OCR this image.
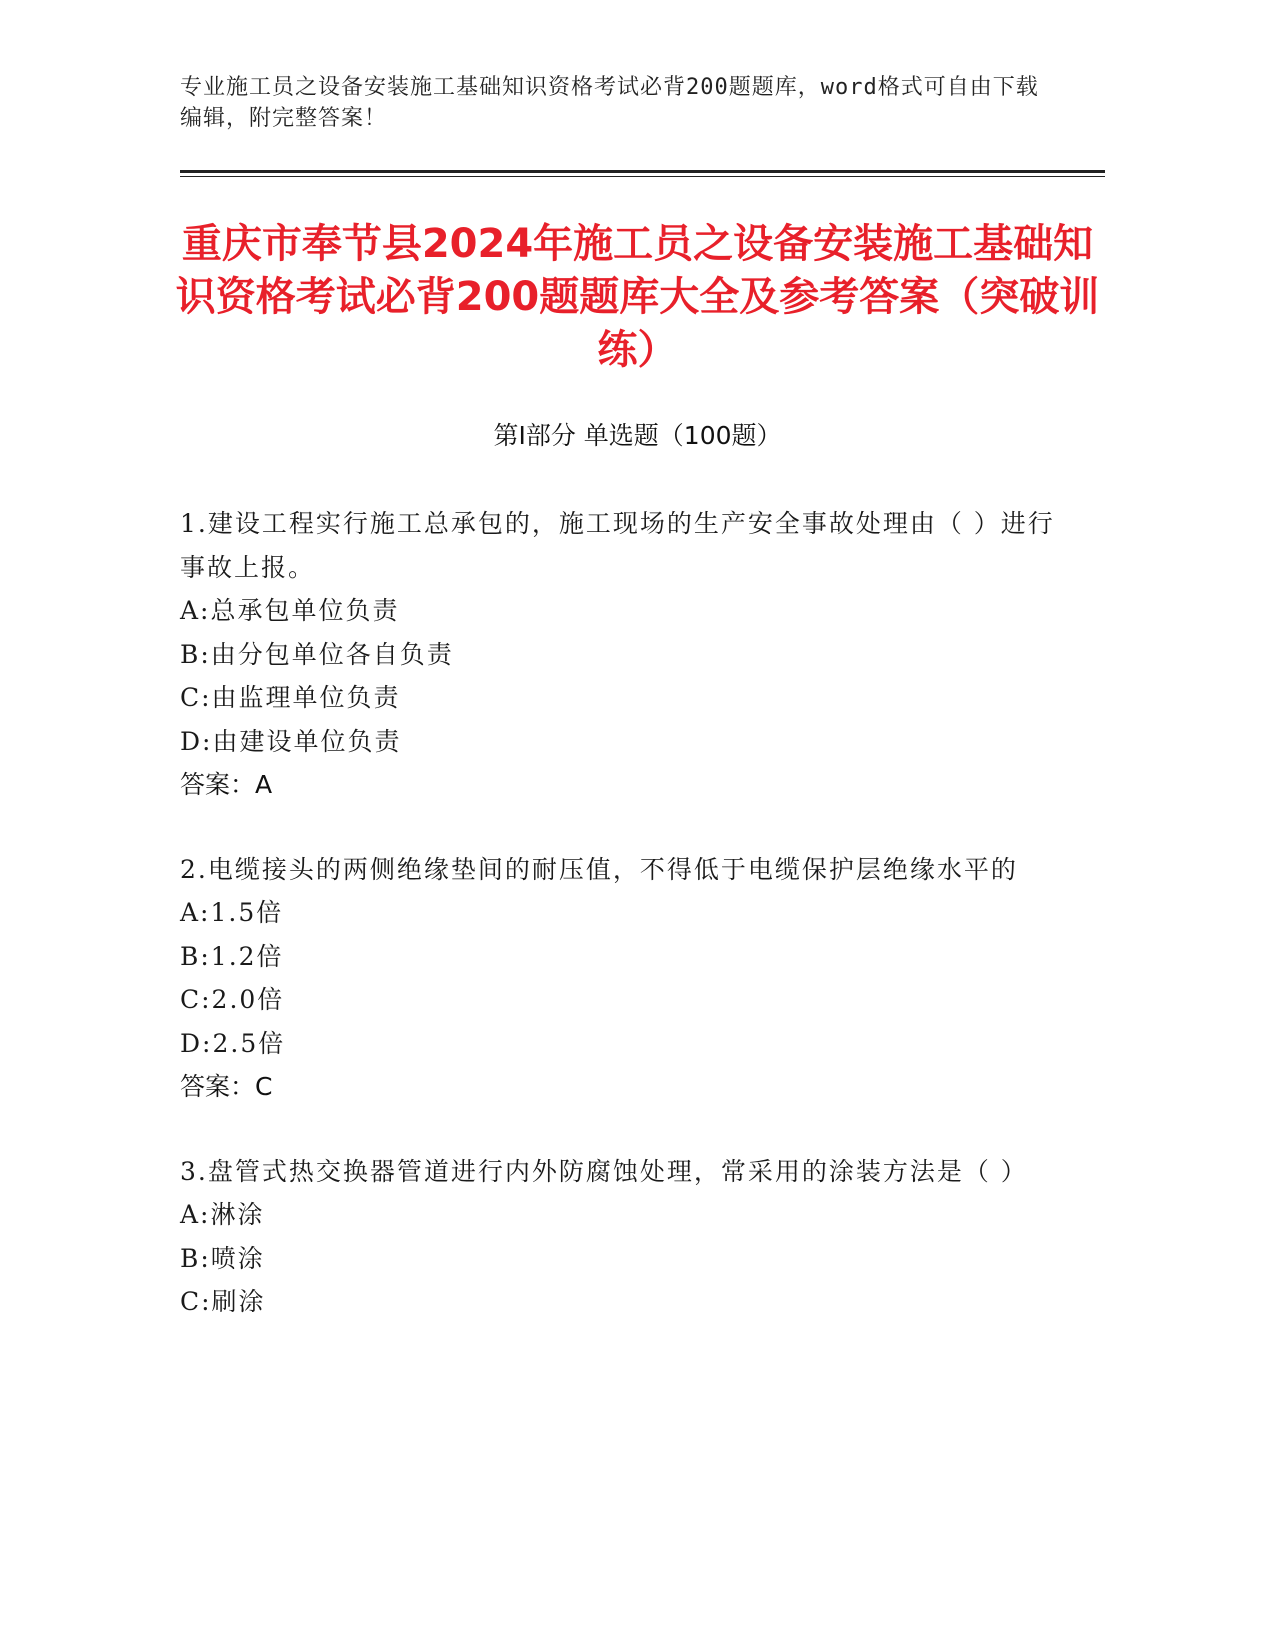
专业施工员之设备安装施工基础知识资格考试必背200题题库，word格式可自由下载编辑，附完整答案！
重庆市奉节县2024年施工员之设备安装施工基础知识资格考试必背200题题库大全及参考答案（突破训练）
第Ⅰ部分 单选题（100题）
1.建设工程实行施工总承包的，施工现场的生产安全事故处理由（ ）进行事故上报。
A:总承包单位负责
B:由分包单位各自负责
C:由监理单位负责
D:由建设单位负责
答案：A
2.电缆接头的两侧绝缘垫间的耐压值，不得低于电缆保护层绝缘水平的
A:1.5倍
B:1.2倍
C:2.0倍
D:2.5倍
答案：C
3.盘管式热交换器管道进行内外防腐蚀处理，常采用的涂装方法是（ ）
A:淋涂
B:喷涂
C:刷涂
